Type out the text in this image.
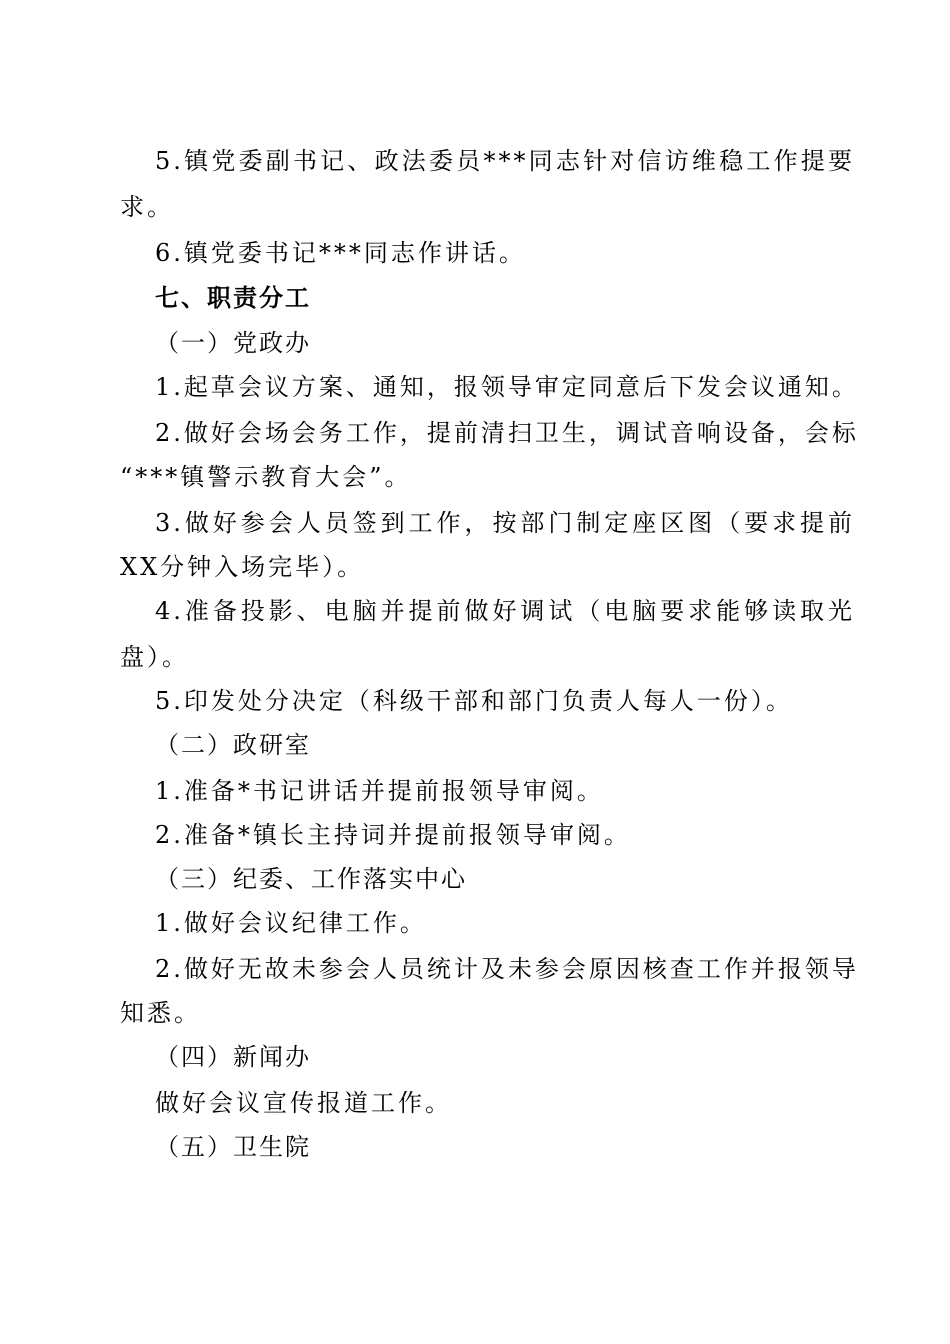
5.镇党委副书记、政法委员***同志针对信访维稳工作提要
求。
6.镇党委书记***同志作讲话。
七、职责分工
（一）党政办
1.起草会议方案、通知，报领导审定同意后下发会议通知。
2.做好会场会务工作，提前清扫卫生，调试音响设备，会标
“***镇警示教育大会”。
3.做好参会人员签到工作，按部门制定座区图（要求提前
XX分钟入场完毕）。
4.准备投影、电脑并提前做好调试（电脑要求能够读取光
盘）。
5.印发处分决定（科级干部和部门负责人每人一份）。
（二）政研室
1.准备*书记讲话并提前报领导审阅。
2.准备*镇长主持词并提前报领导审阅。
（三）纪委、工作落实中心
1.做好会议纪律工作。
2.做好无故未参会人员统计及未参会原因核查工作并报领导
知悉。
（四）新闻办
做好会议宣传报道工作。
（五）卫生院
